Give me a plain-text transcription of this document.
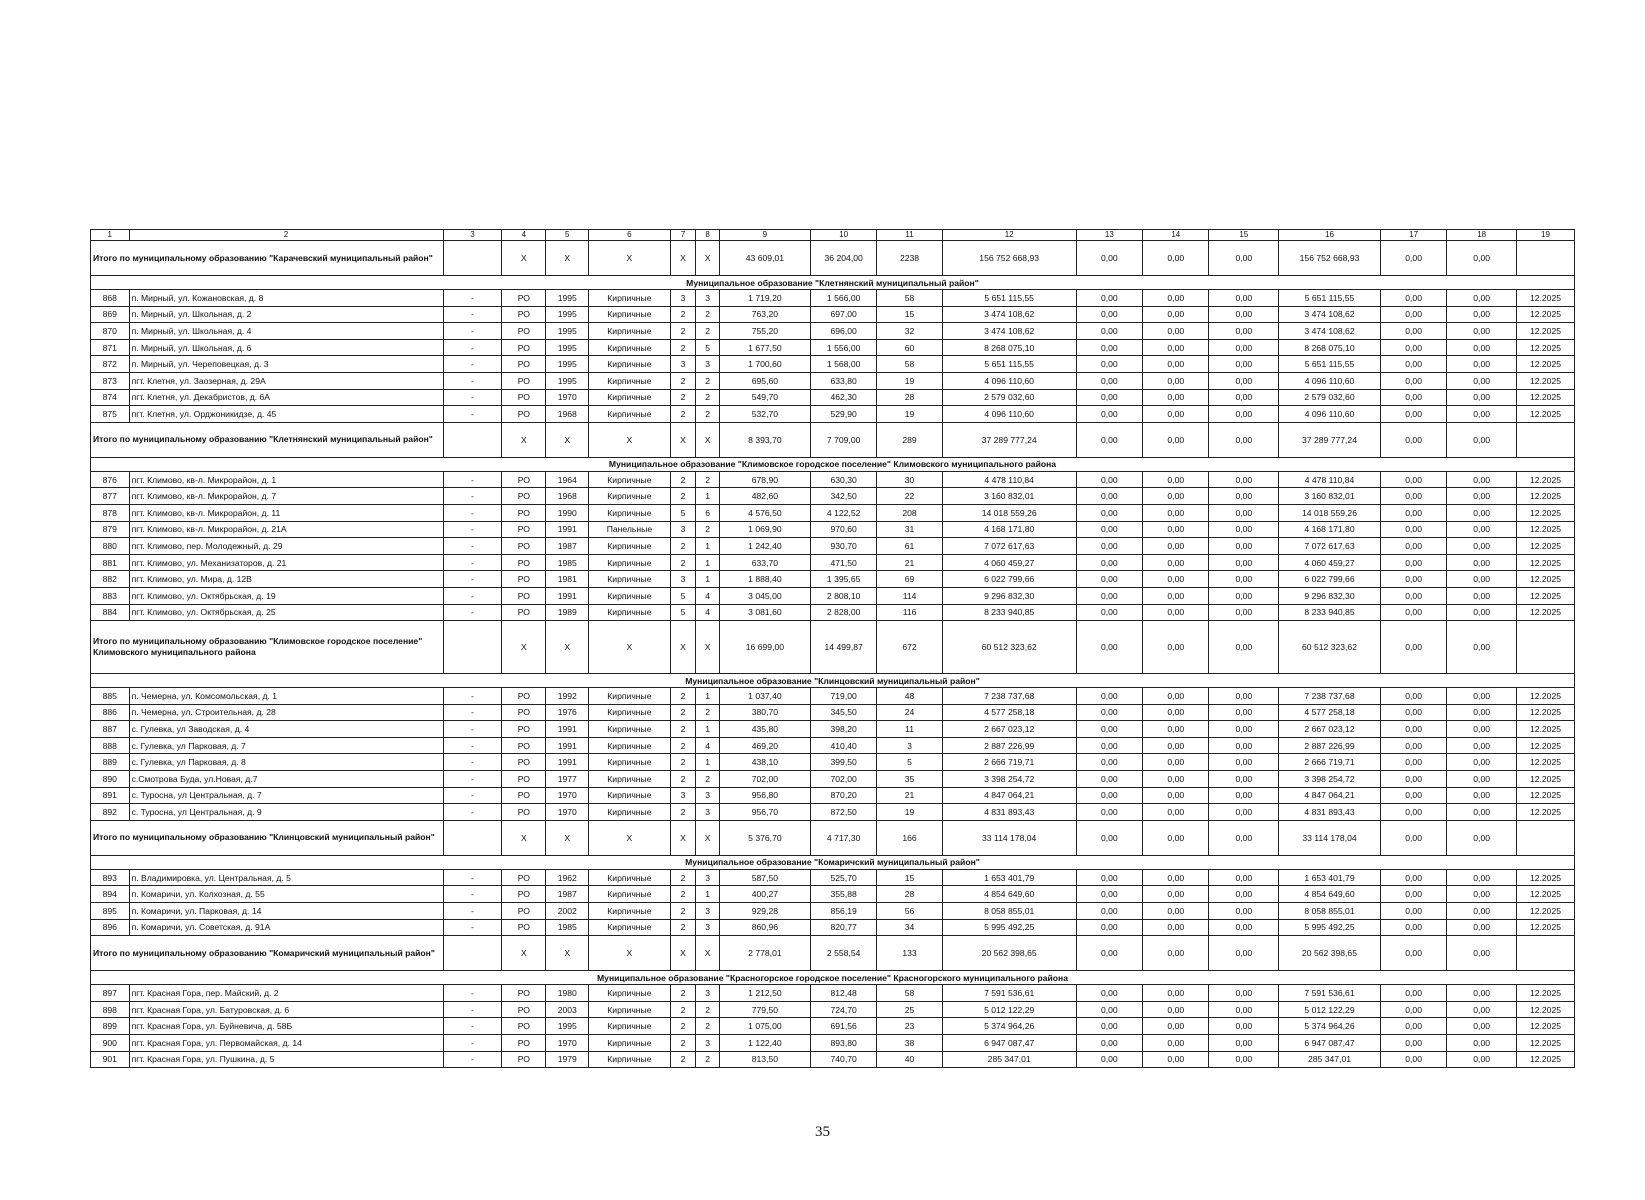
1	2	3	4	5	6	7	8	9	10	11	12	13	14	15	16	17	18	19
Итого по муниципальному образованию "Карачевский муниципальный район"			X	X	X	X	X	43 609,01	36 204,00	2238	156 752 668,93	0,00	0,00	0,00	156 752 668,93	0,00	0,00	
Муниципальное образование "Клетнянский муниципальный район"																		
868	п. Мирный, ул. Кожановская, д. 8	-	РО	1995	Кирпичные	3	3	1 719,20	1 566,00	58	5 651 115,55	0,00	0,00	0,00	5 651 115,55	0,00	0,00	12.2025
869	п. Мирный, ул. Школьная, д. 2	-	РО	1995	Кирпичные	2	2	763,20	697,00	15	3 474 108,62	0,00	0,00	0,00	3 474 108,62	0,00	0,00	12.2025
870	п. Мирный, ул. Школьная, д. 4	-	РО	1995	Кирпичные	2	2	755,20	696,00	32	3 474 108,62	0,00	0,00	0,00	3 474 108,62	0,00	0,00	12.2025
871	п. Мирный, ул. Школьная, д. 6	-	РО	1995	Кирпичные	2	5	1 677,50	1 556,00	60	8 268 075,10	0,00	0,00	0,00	8 268 075,10	0,00	0,00	12.2025
872	п. Мирный, ул. Череповецкая, д. 3	-	РО	1995	Кирпичные	3	3	1 700,60	1 568,00	58	5 651 115,55	0,00	0,00	0,00	5 651 115,55	0,00	0,00	12.2025
873	пгт. Клетня, ул. Заозерная, д. 29А	-	РО	1995	Кирпичные	2	2	695,60	633,80	19	4 096 110,60	0,00	0,00	0,00	4 096 110,60	0,00	0,00	12.2025
874	пгт. Клетня, ул. Декабристов, д. 6А	-	РО	1970	Кирпичные	2	2	549,70	462,30	28	2 579 032,60	0,00	0,00	0,00	2 579 032,60	0,00	0,00	12.2025
875	пгт. Клетня, ул. Орджоникидзе, д. 45	-	РО	1968	Кирпичные	2	2	532,70	529,90	19	4 096 110,60	0,00	0,00	0,00	4 096 110,60	0,00	0,00	12.2025
Итого по муниципальному образованию "Клетнянский муниципальный район"			X	X	X	X	X	8 393,70	7 709,00	289	37 289 777,24	0,00	0,00	0,00	37 289 777,24	0,00	0,00	
Муниципальное образование "Климовское городское поселение" Климовского муниципального района																		
876	пгт. Климово, кв-л. Микрорайон, д. 1	-	РО	1964	Кирпичные	2	2	678,90	630,30	30	4 478 110,84	0,00	0,00	0,00	4 478 110,84	0,00	0,00	12.2025
877	пгт. Климово, кв-л. Микрорайон, д. 7	-	РО	1968	Кирпичные	2	1	482,60	342,50	22	3 160 832,01	0,00	0,00	0,00	3 160 832,01	0,00	0,00	12.2025
878	пгт. Климово, кв-л. Микрорайон, д. 11	-	РО	1990	Кирпичные	5	6	4 576,50	4 122,52	208	14 018 559,26	0,00	0,00	0,00	14 018 559,26	0,00	0,00	12.2025
879	пгт. Климово, кв-л. Микрорайон, д. 21А	-	РО	1991	Панельные	3	2	1 069,90	970,60	31	4 168 171,80	0,00	0,00	0,00	4 168 171,80	0,00	0,00	12.2025
880	пгт. Климово, пер. Молодежный, д. 29	-	РО	1987	Кирпичные	2	1	1 242,40	930,70	61	7 072 617,63	0,00	0,00	0,00	7 072 617,63	0,00	0,00	12.2025
881	пгт. Климово, ул. Механизаторов, д. 21	-	РО	1985	Кирпичные	2	1	633,70	471,50	21	4 060 459,27	0,00	0,00	0,00	4 060 459,27	0,00	0,00	12.2025
882	пгт. Климово, ул. Мира, д. 12В	-	РО	1981	Кирпичные	3	1	1 888,40	1 395,65	69	6 022 799,66	0,00	0,00	0,00	6 022 799,66	0,00	0,00	12.2025
883	пгт. Климово, ул. Октябрьская, д. 19	-	РО	1991	Кирпичные	5	4	3 045,00	2 808,10	114	9 296 832,30	0,00	0,00	0,00	9 296 832,30	0,00	0,00	12.2025
884	пгт. Климово, ул. Октябрьская, д. 25	-	РО	1989	Кирпичные	5	4	3 081,60	2 828,00	116	8 233 940,85	0,00	0,00	0,00	8 233 940,85	0,00	0,00	12.2025
Итого по муниципальному образованию "Климовское городское поселение" Климовского муниципального района			X	X	X	X	X	16 699,00	14 499,87	672	60 512 323,62	0,00	0,00	0,00	60 512 323,62	0,00	0,00	
Муниципальное образование "Клинцовский муниципальный район"																		
885	п. Чемерна, ул. Комсомольская, д. 1	-	РО	1992	Кирпичные	2	1	1 037,40	719,00	48	7 238 737,68	0,00	0,00	0,00	7 238 737,68	0,00	0,00	12.2025
886	п. Чемерна, ул. Строительная, д. 28	-	РО	1976	Кирпичные	2	2	380,70	345,50	24	4 577 258,18	0,00	0,00	0,00	4 577 258,18	0,00	0,00	12.2025
887	с. Гулевка, ул Заводская, д. 4	-	РО	1991	Кирпичные	2	1	435,80	398,20	11	2 667 023,12	0,00	0,00	0,00	2 667 023,12	0,00	0,00	12.2025
888	с. Гулевка, ул Парковая, д. 7	-	РО	1991	Кирпичные	2	4	469,20	410,40	3	2 887 226,99	0,00	0,00	0,00	2 887 226,99	0,00	0,00	12.2025
889	с. Гулевка, ул Парковая, д. 8	-	РО	1991	Кирпичные	2	1	438,10	399,50	5	2 666 719,71	0,00	0,00	0,00	2 666 719,71	0,00	0,00	12.2025
890	с.Смотрова Буда, ул.Новая, д.7	-	РО	1977	Кирпичные	2	2	702,00	702,00	35	3 398 254,72	0,00	0,00	0,00	3 398 254,72	0,00	0,00	12.2025
891	с. Туросна, ул Центральная, д. 7	-	РО	1970	Кирпичные	3	3	956,80	870,20	21	4 847 064,21	0,00	0,00	0,00	4 847 064,21	0,00	0,00	12.2025
892	с. Туросна, ул Центральная, д. 9	-	РО	1970	Кирпичные	2	3	956,70	872,50	19	4 831 893,43	0,00	0,00	0,00	4 831 893,43	0,00	0,00	12.2025
Итого по муниципальному образованию "Клинцовский муниципальный район"			X	X	X	X	X	5 376,70	4 717,30	166	33 114 178,04	0,00	0,00	0,00	33 114 178,04	0,00	0,00	
Муниципальное образование "Комаричский муниципальный район"																		
893	п. Владимировка, ул. Центральная, д. 5	-	РО	1962	Кирпичные	2	3	587,50	525,70	15	1 653 401,79	0,00	0,00	0,00	1 653 401,79	0,00	0,00	12.2025
894	п. Комаричи, ул. Колхозная, д. 55	-	РО	1987	Кирпичные	2	1	400,27	355,88	28	4 854 649,60	0,00	0,00	0,00	4 854 649,60	0,00	0,00	12.2025
895	п. Комаричи, ул. Парковая, д. 14	-	РО	2002	Кирпичные	2	3	929,28	856,19	56	8 058 855,01	0,00	0,00	0,00	8 058 855,01	0,00	0,00	12.2025
896	п. Комаричи, ул. Советская, д. 91А	-	РО	1985	Кирпичные	2	3	860,96	820,77	34	5 995 492,25	0,00	0,00	0,00	5 995 492,25	0,00	0,00	12.2025
Итого по муниципальному образованию "Комаричский муниципальный район"			X	X	X	X	X	2 778,01	2 558,54	133	20 562 398,65	0,00	0,00	0,00	20 562 398,65	0,00	0,00	
Муниципальное образование "Красногорское городское поселение" Красногорского муниципального района																		
897	пгт. Красная Гора, пер. Майский, д. 2	-	РО	1980	Кирпичные	2	3	1 212,50	812,48	58	7 591 536,61	0,00	0,00	0,00	7 591 536,61	0,00	0,00	12.2025
898	пгт. Красная Гора, ул. Батуровская, д. 6	-	РО	2003	Кирпичные	2	2	779,50	724,70	25	5 012 122,29	0,00	0,00	0,00	5 012 122,29	0,00	0,00	12.2025
899	пгт. Красная Гора, ул. Буйневича, д. 58Б	-	РО	1995	Кирпичные	2	2	1 075,00	691,56	23	5 374 964,26	0,00	0,00	0,00	5 374 964,26	0,00	0,00	12.2025
900	пгт. Красная Гора, ул. Первомайская, д. 14	-	РО	1970	Кирпичные	2	3	1 122,40	893,80	38	6 947 087,47	0,00	0,00	0,00	6 947 087,47	0,00	0,00	12.2025
901	пгт. Красная Гора, ул. Пушкина, д. 5	-	РО	1979	Кирпичные	2	2	813,50	740,70	40	285 347,01	0,00	0,00	0,00	285 347,01	0,00	0,00	12.2025
35
